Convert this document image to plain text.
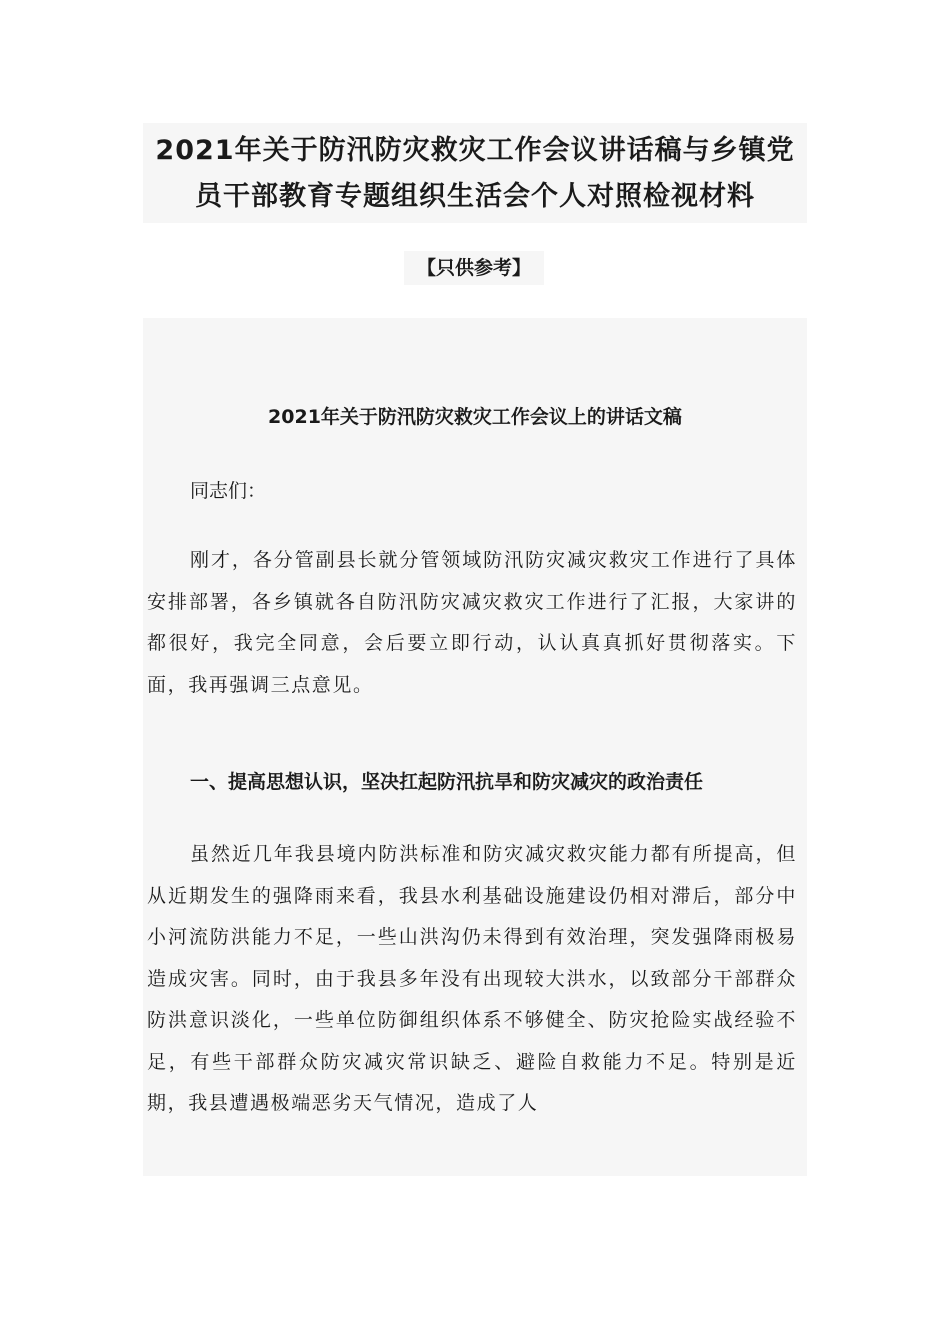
2021年关于防汛防灾救灾工作会议讲话稿与乡镇党员干部教育专题组织生活会个人对照检视材料
【只供参考】
2021年关于防汛防灾救灾工作会议上的讲话文稿

同志们：

刚才，各分管副县长就分管领域防汛防灾减灾救灾工作进行了具体安排部署，各乡镇就各自防汛防灾减灾救灾工作进行了汇报，大家讲的都很好，我完全同意，会后要立即行动，认认真真抓好贯彻落实。下面，我再强调三点意见。

一、提高思想认识，坚决扛起防汛抗旱和防灾减灾的政治责任

虽然近几年我县境内防洪标准和防灾减灾救灾能力都有所提高，但从近期发生的强降雨来看，我县水利基础设施建设仍相对滞后，部分中小河流防洪能力不足，一些山洪沟仍未得到有效治理，突发强降雨极易造成灾害。同时，由于我县多年没有出现较大洪水，以致部分干部群众防洪意识淡化，一些单位防御组织体系不够健全、防灾抢险实战经验不足，有些干部群众防灾减灾常识缺乏、避险自救能力不足。特别是近期，我县遭遇极端恶劣天气情况，造成了人
